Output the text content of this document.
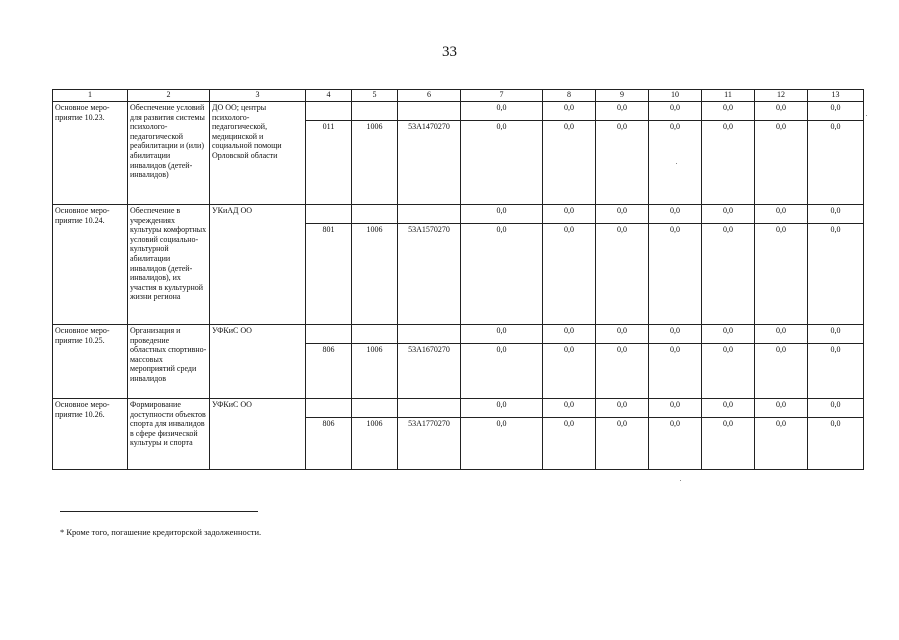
33
1	2	3	4	5	6	7	8	9	10	11	12	13
Основное меро-приятие 10.23.	Обеспечение условий для развития системы психолого-педагогической реабилитации и (или) абилитации инвалидов (детей-инвалидов)	ДО ОО; центры психолого-педагогической, медицинской и социальной помощи Орловской области				0,0	0,0	0,0	0,0	0,0	0,0	0,0
			011	1006	53А1470270	0,0	0,0	0,0	0,0	0,0	0,0	0,0
Основное меро-приятие 10.24.	Обеспечение в учреждениях культуры комфортных условий социально-культурной абилитации инвалидов (детей-инвалидов), их участия в культурной жизни региона	УКиАД ОО				0,0	0,0	0,0	0,0	0,0	0,0	0,0
			801	1006	53А1570270	0,0	0,0	0,0	0,0	0,0	0,0	0,0
Основное меро-приятие 10.25.	Организация и проведение областных спортивно-массовых мероприятий среди инвалидов	УФКиС ОО				0,0	0,0	0,0	0,0	0,0	0,0	0,0
			806	1006	53А1670270	0,0	0,0	0,0	0,0	0,0	0,0	0,0
Основное меро-приятие 10.26.	Формирование доступности объектов спорта для инвалидов в сфере физической культуры и спорта	УФКиС ОО				0,0	0,0	0,0	0,0	0,0	0,0	0,0
			806	1006	53А1770270	0,0	0,0	0,0	0,0	0,0	0,0	0,0
* Кроме того, погашение кредиторской задолженности.
